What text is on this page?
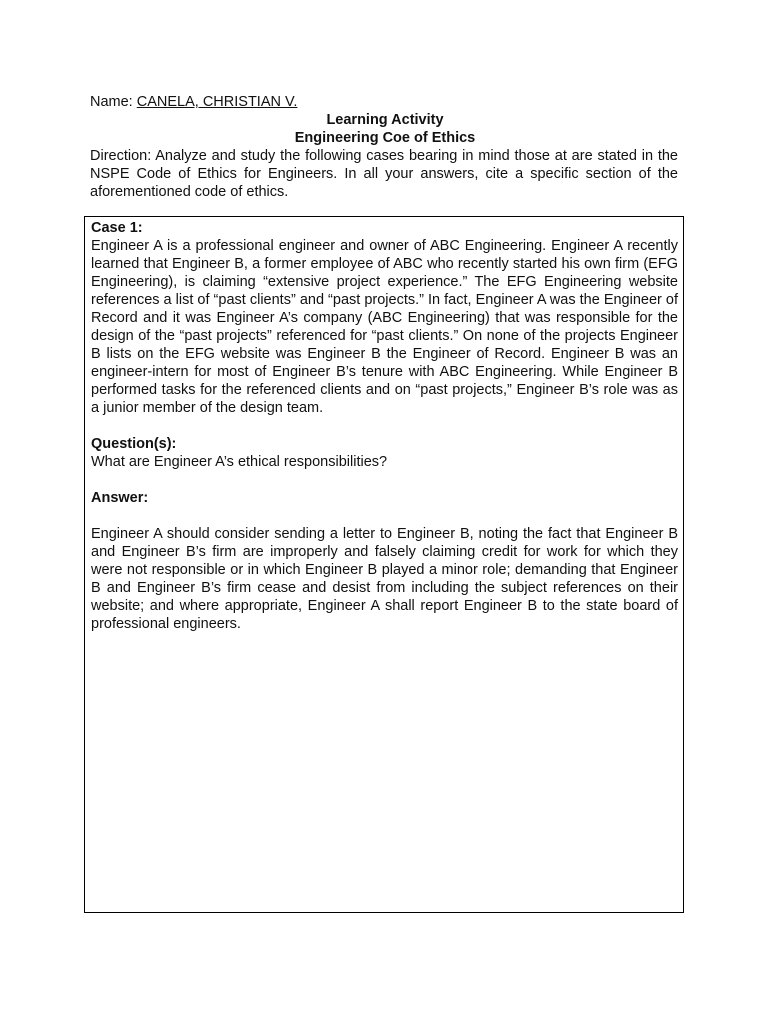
Name: CANELA, CHRISTIAN V.
Learning Activity
Engineering Coe of Ethics
Direction: Analyze and study the following cases bearing in mind those at are stated in the NSPE Code of Ethics for Engineers. In all your answers, cite a specific section of the aforementioned code of ethics.

Case 1:

Engineer A is a professional engineer and owner of ABC Engineering. Engineer A recently learned that Engineer B, a former employee of ABC who recently started his own firm (EFG Engineering), is claiming “extensive project experience.” The EFG Engineering website references a list of “past clients” and “past projects.” In fact, Engineer A was the Engineer of Record and it was Engineer A’s company (ABC Engineering) that was responsible for the design of the “past projects” referenced for “past clients.” On none of the projects Engineer B lists on the EFG website was Engineer B the Engineer of Record. Engineer B was an engineer-intern for most of Engineer B’s tenure with ABC Engineering. While Engineer B performed tasks for the referenced clients and on “past projects,” Engineer B’s role was as a junior member of the design team.

Question(s):

What are Engineer A’s ethical responsibilities?

Answer:

Engineer A should consider sending a letter to Engineer B, noting the fact that Engineer B and Engineer B’s firm are improperly and falsely claiming credit for work for which they were not responsible or in which Engineer B played a minor role; demanding that Engineer B and Engineer B’s firm cease and desist from including the subject references on their website; and where appropriate, Engineer A shall report Engineer B to the state board of professional engineers.
